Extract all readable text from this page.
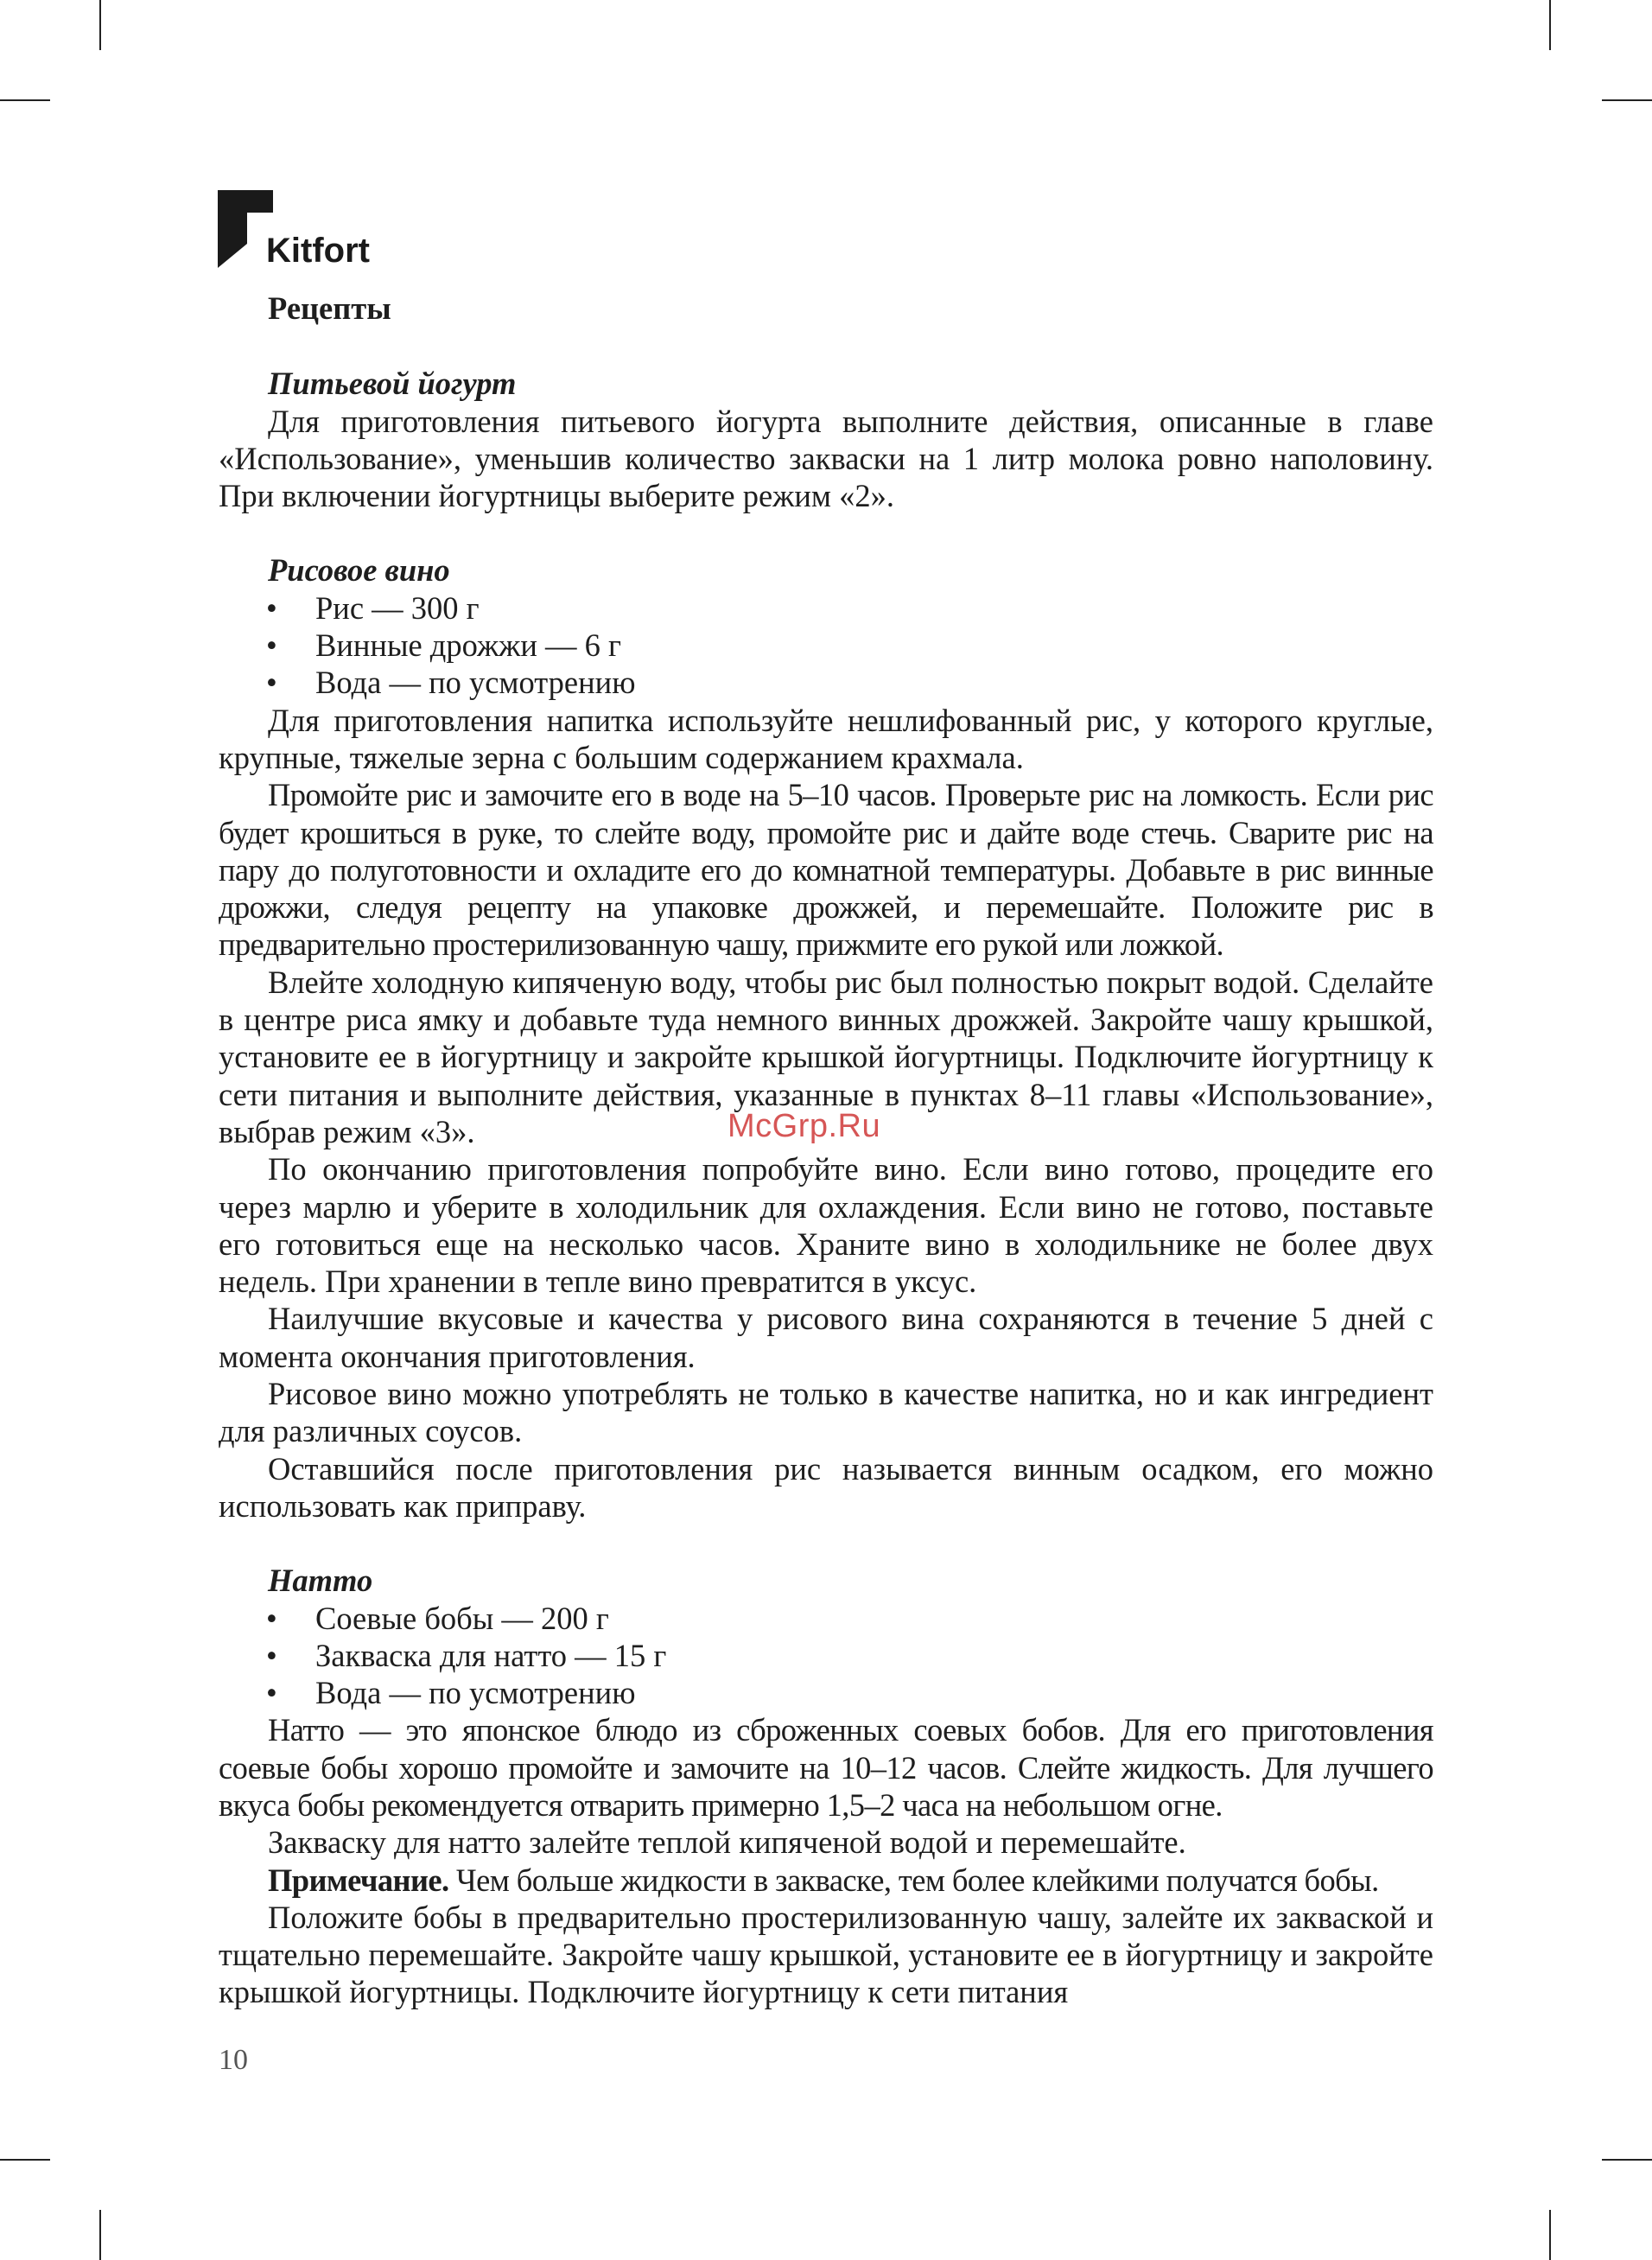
Kitfort
Рецепты
Питьевой йогурт

Для приготовления питьевого йогурта выполните действия, описанные в главе «Использование», уменьшив количество закваски на 1 литр молока ровно наполовину. При включении йогуртницы выберите режим «2».

Рисовое вино
• Рис — 300 г
• Винные дрожжи — 6 г
• Вода — по усмотрению

Для приготовления напитка используйте нешлифованный рис, у которого круглые, крупные, тяжелые зерна с большим содержанием крахмала.

Промойте рис и замочите его в воде на 5–10 часов. Проверьте рис на ломкость. Если рис будет крошиться в руке, то слейте воду, промойте рис и дайте воде стечь. Сварите рис на пару до полуготовности и охладите его до комнатной температуры. Добавьте в рис винные дрожжи, следуя рецепту на упаковке дрожжей, и перемешайте. Положите рис в предварительно простерилизованную чашу, прижмите его рукой или ложкой.

Влейте холодную кипяченую воду, чтобы рис был полностью покрыт водой. Сделайте в центре риса ямку и добавьте туда немного винных дрожжей. Закройте чашу крышкой, установите ее в йогуртницу и закройте крышкой йогуртницы. Подключите йогуртницу к сети питания и выполните действия, указанные в пунктах 8–11 главы «Использование», выбрав режим «3».

По окончанию приготовления попробуйте вино. Если вино готово, процедите его через марлю и уберите в холодильник для охлаждения. Если вино не готово, поставьте его готовиться еще на несколько часов. Храните вино в холодильнике не более двух недель. При хранении в тепле вино превратится в уксус.

Наилучшие вкусовые и качества у рисового вина сохраняются в течение 5 дней с момента окончания приготовления.

Рисовое вино можно употреблять не только в качестве напитка, но и как ингредиент для различных соусов.

Оставшийся после приготовления рис называется винным осадком, его можно использовать как приправу.

Натто
• Соевые бобы — 200 г
• Закваска для натто — 15 г
• Вода — по усмотрению

Натто — это японское блюдо из сброженных соевых бобов. Для его приготовления соевые бобы хорошо промойте и замочите на 10–12 часов. Слейте жидкость. Для лучшего вкуса бобы рекомендуется отварить примерно 1,5–2 часа на небольшом огне.

Закваску для натто залейте теплой кипяченой водой и перемешайте.

Примечание. Чем больше жидкости в закваске, тем более клейкими получатся бобы.

Положите бобы в предварительно простерилизованную чашу, залейте их закваской и тщательно перемешайте. Закройте чашу крышкой, установите ее в йогуртницу и закройте крышкой йогуртницы. Подключите йогуртницу к сети питания

McGrp.Ru
10
